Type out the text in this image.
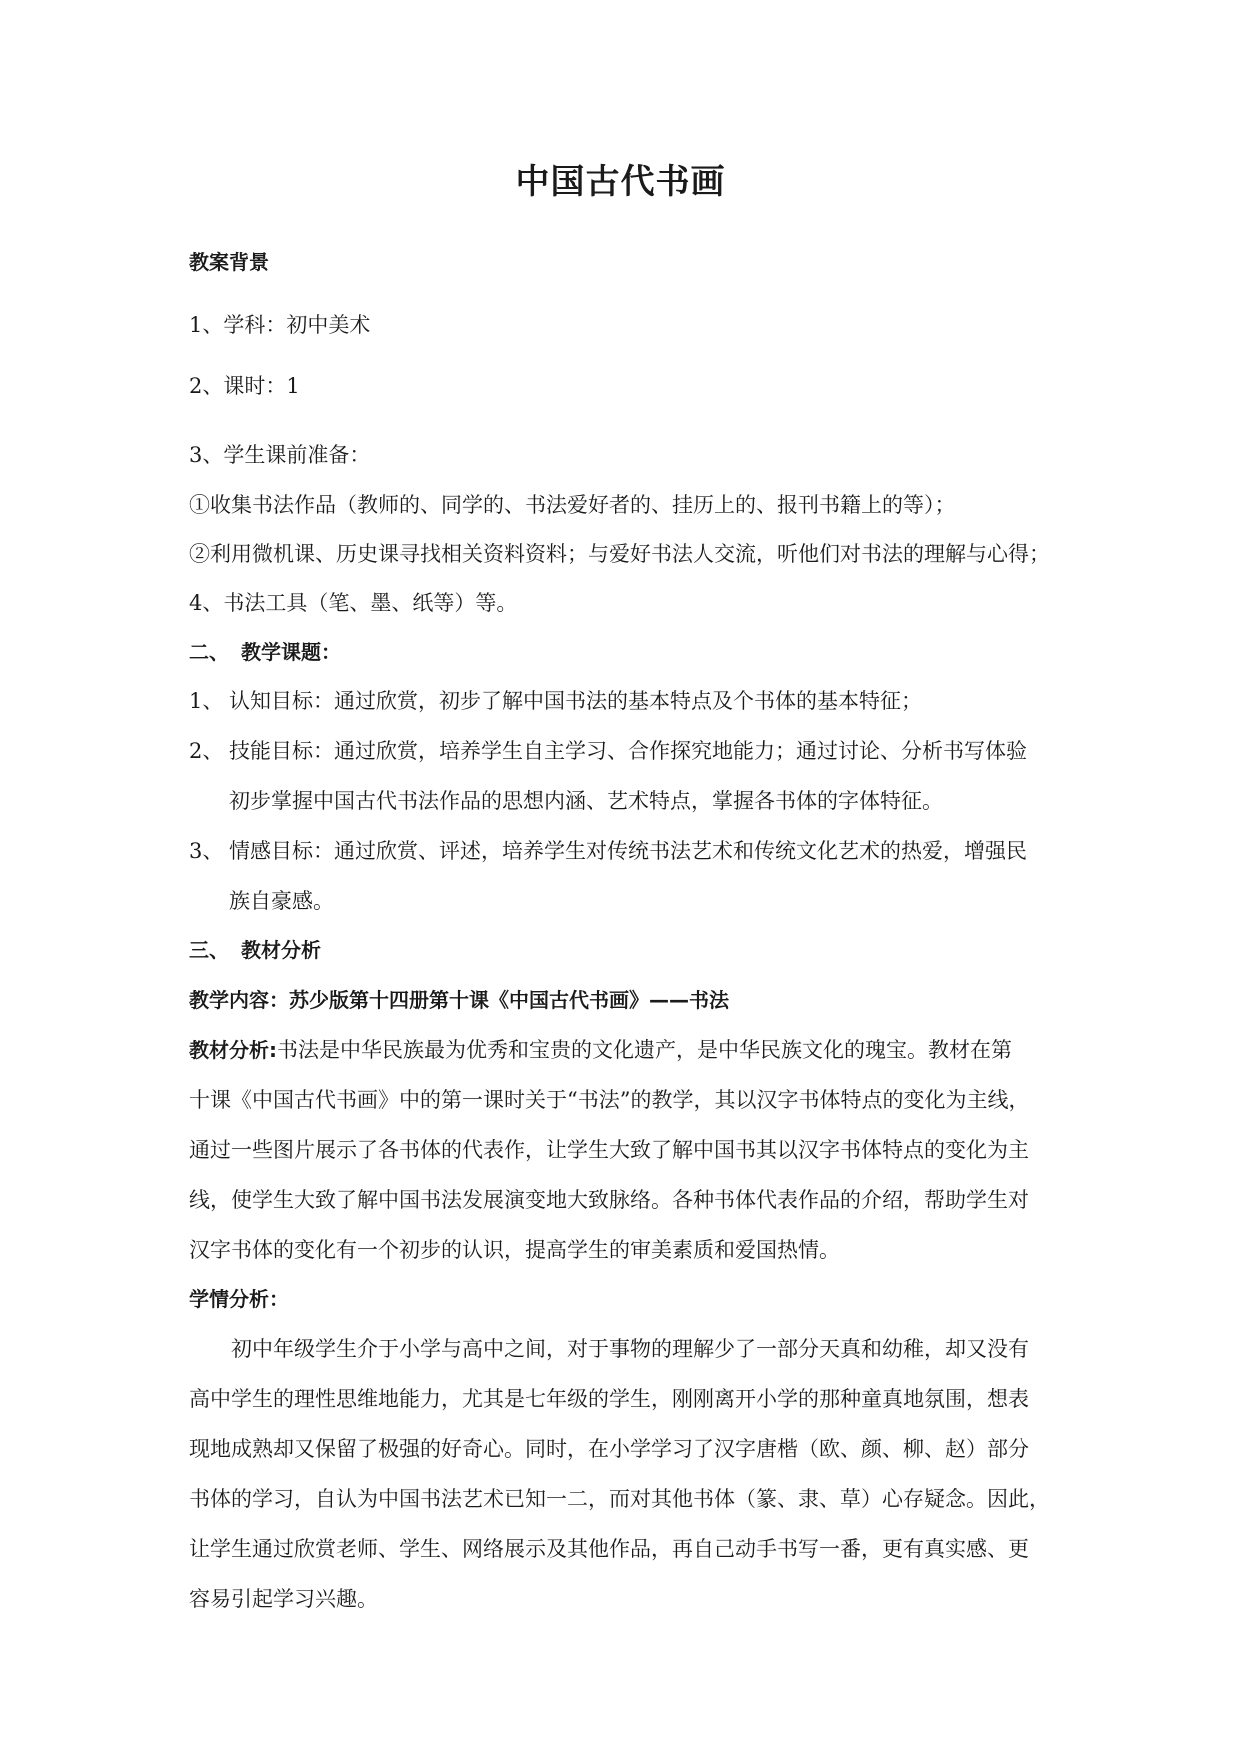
中国古代书画
教案背景
1、学科：初中美术
2、课时：1
3、学生课前准备：
①收集书法作品（教师的、同学的、书法爱好者的、挂历上的、报刊书籍上的等）；
②利用微机课、历史课寻找相关资料资料；与爱好书法人交流，听他们对书法的理解与心得；
4、书法工具（笔、墨、纸等）等。
二、 教学课题：
1、 认知目标：通过欣赏，初步了解中国书法的基本特点及个书体的基本特征；
2、 技能目标：通过欣赏，培养学生自主学习、合作探究地能力；通过讨论、分析书写体验
初步掌握中国古代书法作品的思想内涵、艺术特点，掌握各书体的字体特征。
3、 情感目标：通过欣赏、评述，培养学生对传统书法艺术和传统文化艺术的热爱，增强民
族自豪感。
三、 教材分析
教学内容：苏少版第十四册第十课《中国古代书画》——书法
教材分析:书法是中华民族最为优秀和宝贵的文化遗产，是中华民族文化的瑰宝。教材在第
十课《中国古代书画》中的第一课时关于“书法”的教学，其以汉字书体特点的变化为主线，
通过一些图片展示了各书体的代表作，让学生大致了解中国书其以汉字书体特点的变化为主
线，使学生大致了解中国书法发展演变地大致脉络。各种书体代表作品的介绍，帮助学生对
汉字书体的变化有一个初步的认识，提高学生的审美素质和爱国热情。
学情分析：
初中年级学生介于小学与高中之间，对于事物的理解少了一部分天真和幼稚，却又没有
高中学生的理性思维地能力，尤其是七年级的学生，刚刚离开小学的那种童真地氛围，想表
现地成熟却又保留了极强的好奇心。同时，在小学学习了汉字唐楷（欧、颜、柳、赵）部分
书体的学习，自认为中国书法艺术已知一二，而对其他书体（篆、隶、草）心存疑念。因此，
让学生通过欣赏老师、学生、网络展示及其他作品，再自己动手书写一番，更有真实感、更
容易引起学习兴趣。
